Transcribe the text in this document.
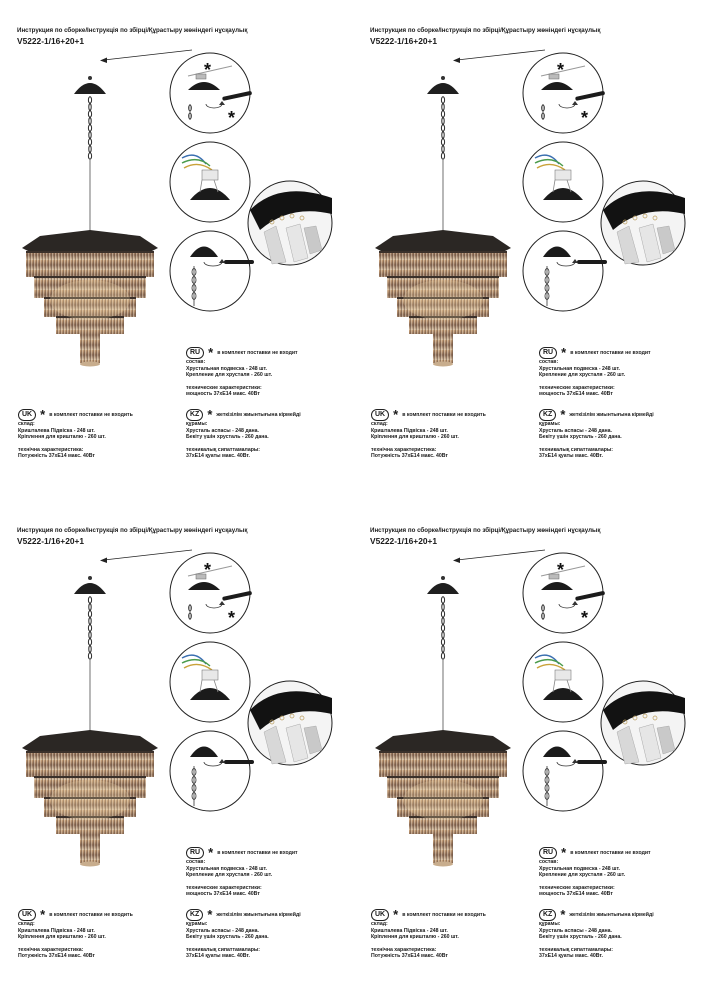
Инструкция по сборке/Інструкція по збірці/Құрастыру жөніндегі нұсқаулық
V5222-1/16+20+1
RU * в комплект поставки не входит
состав:
Хрустальная подвеска - 248 шт.
Крепление для хрусталя - 260 шт.
технические характеристики:
мощность 37хЕ14 макс. 40Вт
UK * в комплект поставки не входить
склад:
Кришталева Підвіска - 248 шт.
Кріплення для кришталю - 260 шт.
технічна характеристика:
Потужність 37хЕ14 макс. 40Вт
KZ * жеткізілім жиынтығына кірмейді
құрамы:
Хрусталь аспасы - 248 дана.
Бекіту үшін хрусталь - 260 дана.
техникалық сипаттамалары:
37хЕ14 қуаты макс. 40Вт.
Инструкция по сборке/Інструкція по збірці/Құрастыру жөніндегі нұсқаулық
V5222-1/16+20+1
RU * в комплект поставки не входит
состав:
Хрустальная подвеска - 248 шт.
Крепление для хрусталя - 260 шт.
технические характеристики:
мощность 37хЕ14 макс. 40Вт
UK * в комплект поставки не входить
склад:
Кришталева Підвіска - 248 шт.
Кріплення для кришталю - 260 шт.
технічна характеристика:
Потужність 37хЕ14 макс. 40Вт
KZ * жеткізілім жиынтығына кірмейді
құрамы:
Хрусталь аспасы - 248 дана.
Бекіту үшін хрусталь - 260 дана.
техникалық сипаттамалары:
37хЕ14 қуаты макс. 40Вт.
Инструкция по сборке/Інструкція по збірці/Құрастыру жөніндегі нұсқаулық
V5222-1/16+20+1
RU * в комплект поставки не входит
состав:
Хрустальная подвеска - 248 шт.
Крепление для хрусталя - 260 шт.
технические характеристики:
мощность 37хЕ14 макс. 40Вт
UK * в комплект поставки не входить
склад:
Кришталева Підвіска - 248 шт.
Кріплення для кришталю - 260 шт.
технічна характеристика:
Потужність 37хЕ14 макс. 40Вт
KZ * жеткізілім жиынтығына кірмейді
құрамы:
Хрусталь аспасы - 248 дана.
Бекіту үшін хрусталь - 260 дана.
техникалық сипаттамалары:
37хЕ14 қуаты макс. 40Вт.
Инструкция по сборке/Інструкція по збірці/Құрастыру жөніндегі нұсқаулық
V5222-1/16+20+1
RU * в комплект поставки не входит
состав:
Хрустальная подвеска - 248 шт.
Крепление для хрусталя - 260 шт.
технические характеристики:
мощность 37хЕ14 макс. 40Вт
UK * в комплект поставки не входить
склад:
Кришталева Підвіска - 248 шт.
Кріплення для кришталю - 260 шт.
технічна характеристика:
Потужність 37хЕ14 макс. 40Вт
KZ * жеткізілім жиынтығына кірмейді
құрамы:
Хрусталь аспасы - 248 дана.
Бекіту үшін хрусталь - 260 дана.
техникалық сипаттамалары:
37хЕ14 қуаты макс. 40Вт.
